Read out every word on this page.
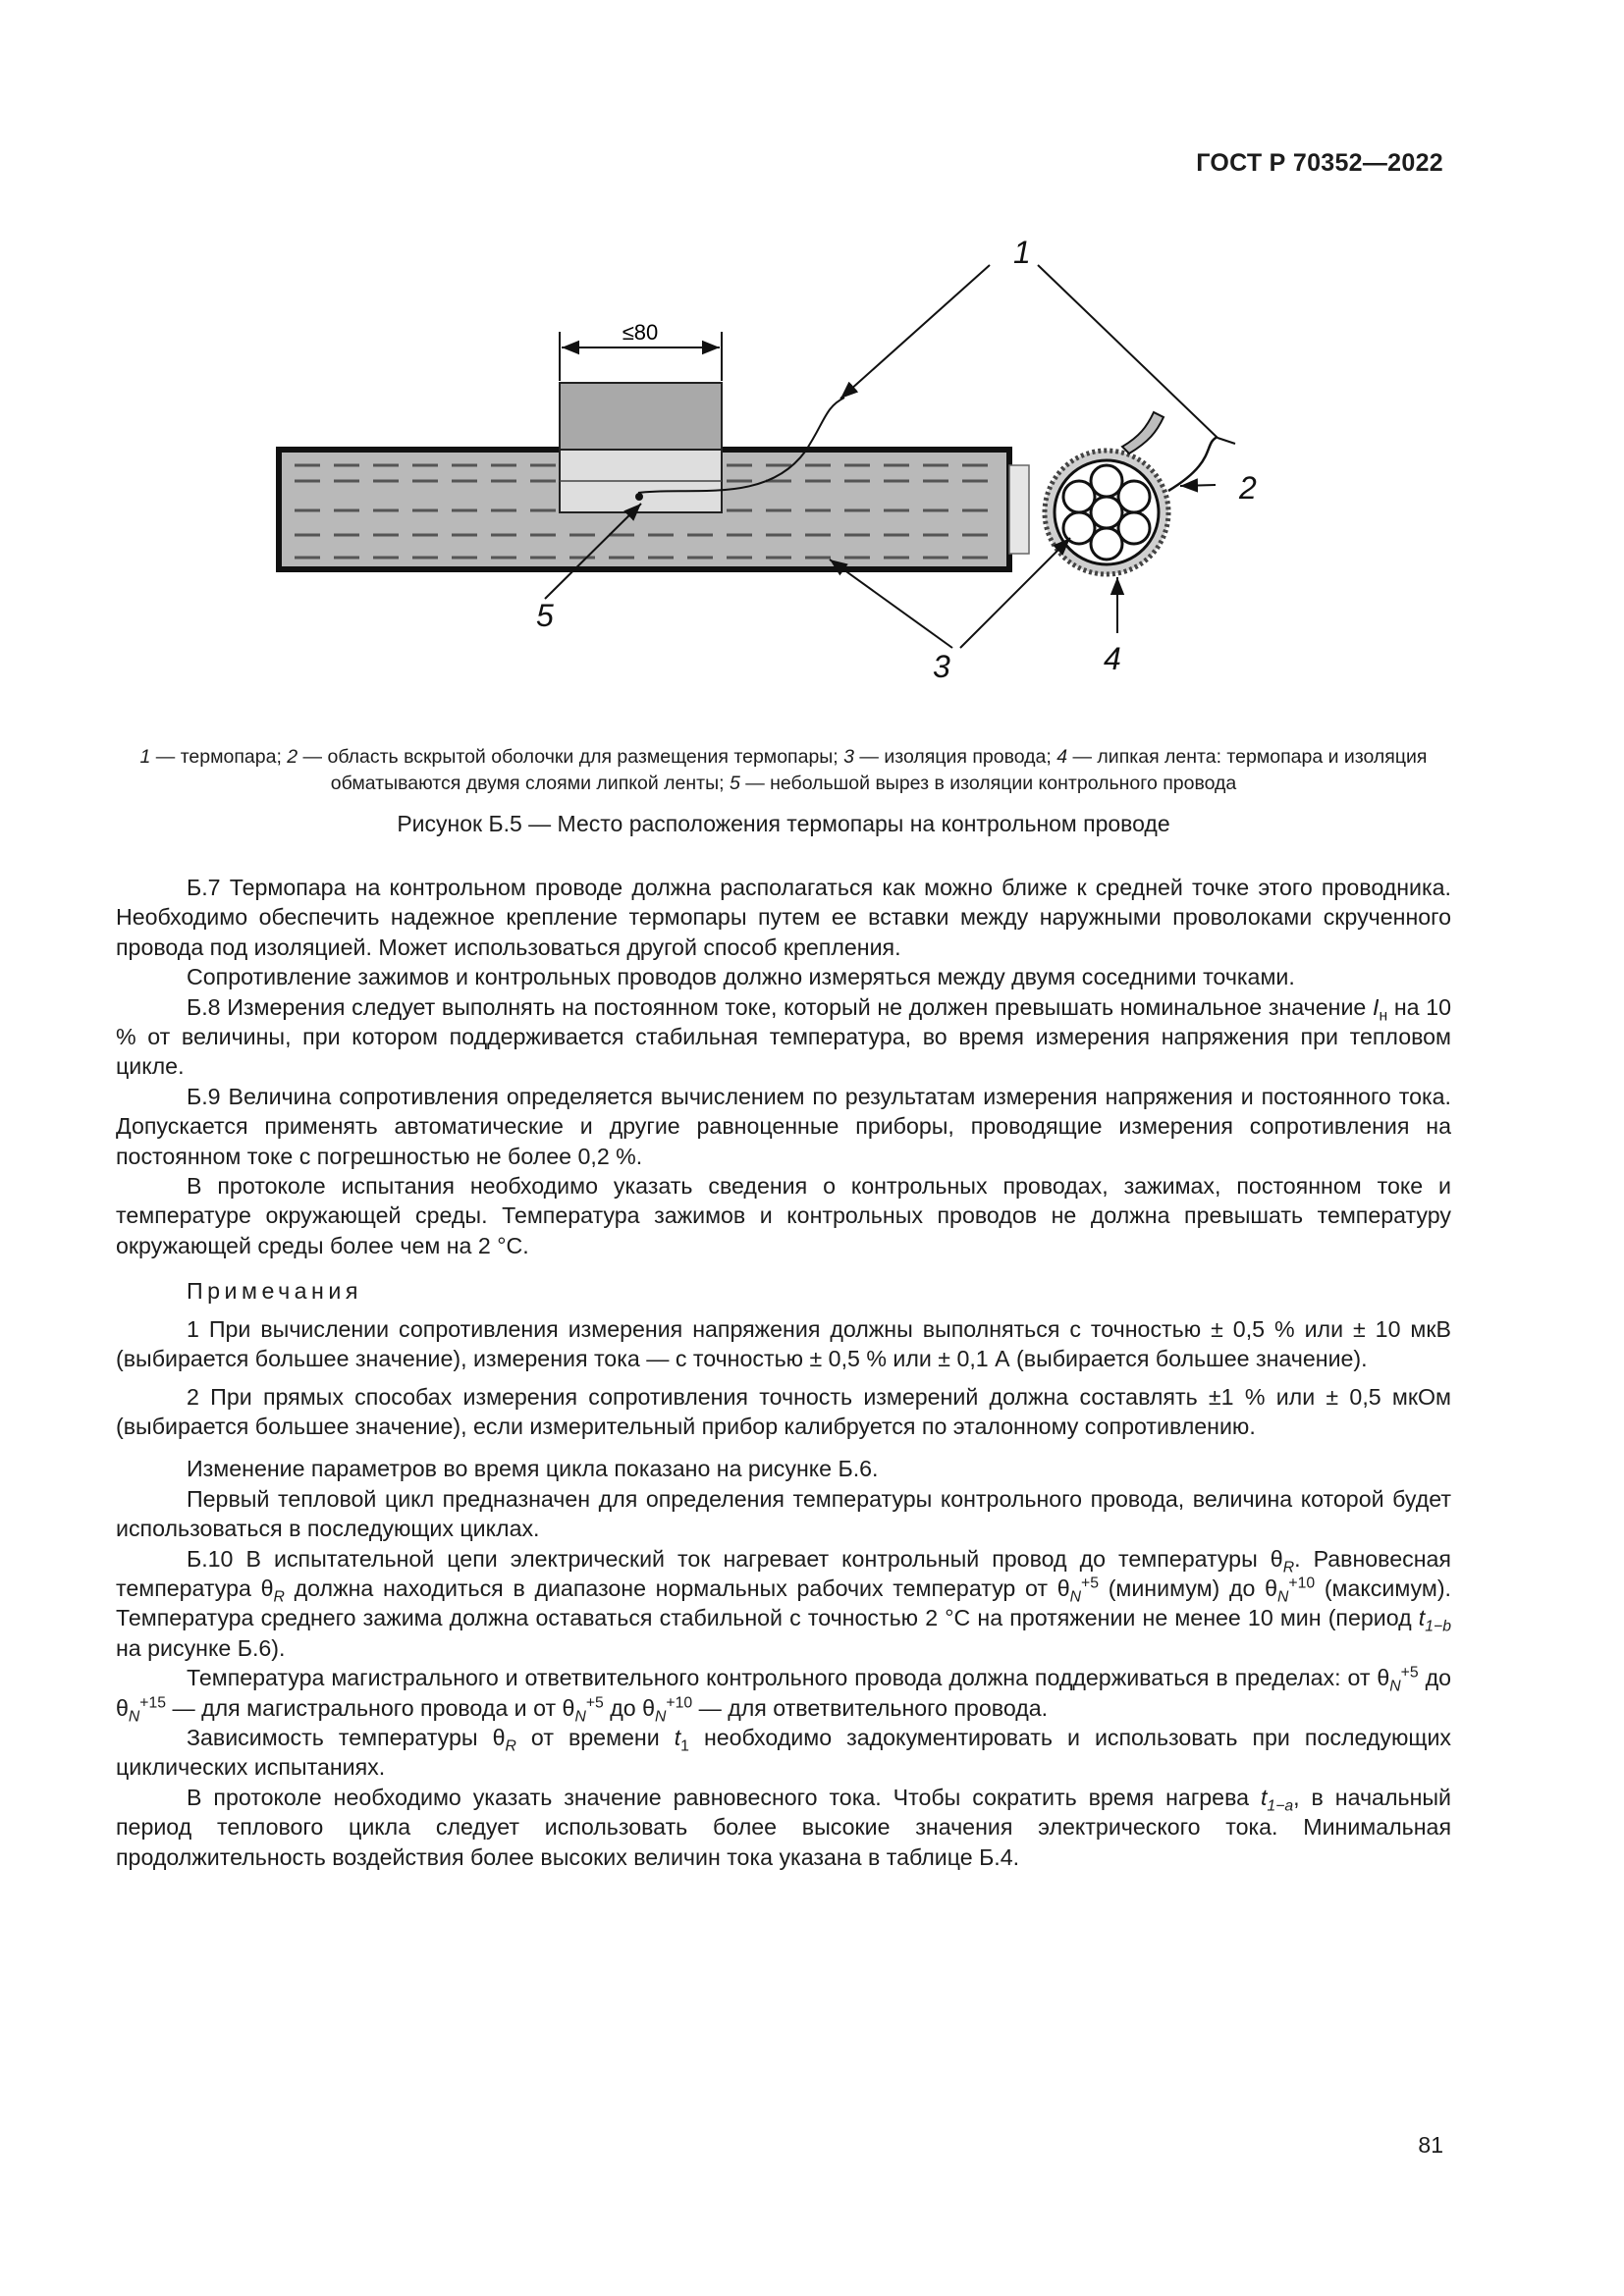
ГОСТ Р 70352—2022
≤80
1
2
3	4
5
1 — термопара; 2 — область вскрытой оболочки для размещения термопары; 3 — изоляция провода; 4 — липкая лента: термопара и изоляция обматываются двумя слоями липкой ленты; 5 — небольшой вырез в изоляции контрольного провода
Рисунок Б.5 — Место расположения термопары на контрольном проводе

Б.7 Термопара на контрольном проводе должна располагаться как можно ближе к средней точке этого проводника. Необходимо обеспечить надежное крепление термопары путем ее вставки между наружными проволоками скрученного провода под изоляцией. Может использоваться другой способ крепления.

Сопротивление зажимов и контрольных проводов должно измеряться между двумя соседними точками.

Б.8 Измерения следует выполнять на постоянном токе, который не должен превышать номинальное значение $I_н$ на 10 % от величины, при котором поддерживается стабильная температура, во время измерения напряжения при тепловом цикле.

Б.9 Величина сопротивления определяется вычислением по результатам измерения напряжения и постоянного тока. Допускается применять автоматические и другие равноценные приборы, проводящие измерения сопротивления на постоянном токе с погрешностью не более 0,2 %.

В протоколе испытания необходимо указать сведения о контрольных проводах, зажимах, постоянном токе и температуре окружающей среды. Температура зажимов и контрольных проводов не должна превышать температуру окружающей среды более чем на 2 °С.

Примечания

1 При вычислении сопротивления измерения напряжения должны выполняться с точностью ± 0,5 % или ± 10 мкВ (выбирается большее значение), измерения тока — с точностью ± 0,5 % или ± 0,1 А (выбирается большее значение).

2 При прямых способах измерения сопротивления точность измерений должна составлять ±1 % или ± 0,5 мкОм (выбирается большее значение), если измерительный прибор калибруется по эталонному сопротивлению.

Изменение параметров во время цикла показано на рисунке Б.6.

Первый тепловой цикл предназначен для определения температуры контрольного провода, величина которой будет использоваться в последующих циклах.

Б.10 В испытательной цепи электрический ток нагревает контрольный провод до температуры $\theta_R$. Равновесная температура $\theta_R$ должна находиться в диапазоне нормальных рабочих температур от $\theta_N^{+5}$ (минимум) до $\theta_N^{+10}$ (максимум). Температура среднего зажима должна оставаться стабильной с точностью 2 °С на протяжении не менее 10 мин (период $t_{1-b}$ на рисунке Б.6).

Температура магистрального и ответвительного контрольного провода должна поддерживаться в пределах: от $\theta_N^{+5}$ до $\theta_N^{+15}$ — для магистрального провода и от $\theta_N^{+5}$ до $\theta_N^{+10}$ — для ответвительного провода.

Зависимость температуры $\theta_R$ от времени $t_1$ необходимо задокументировать и использовать при последующих циклических испытаниях.

В протоколе необходимо указать значение равновесного тока. Чтобы сократить время нагрева $t_{1-a}$, в начальный период теплового цикла следует использовать более высокие значения электрического тока. Минимальная продолжительность воздействия более высоких величин тока указана в таблице Б.4.

81
